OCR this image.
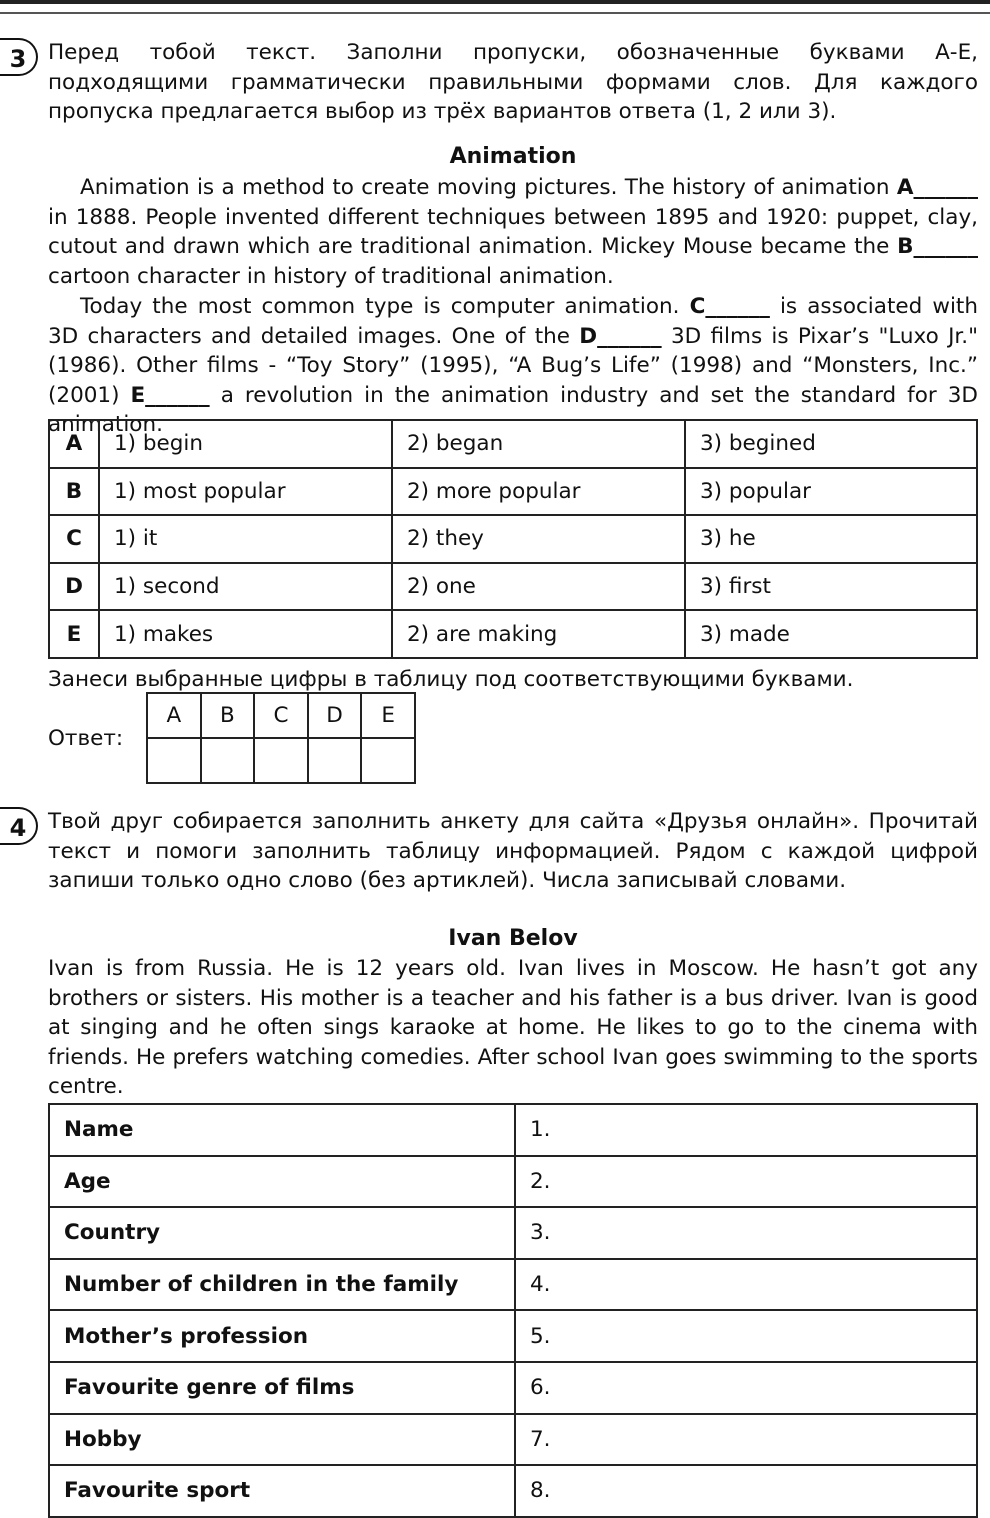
3	Перед тобой текст. Заполни пропуски, обозначенные буквами А-Е, подходящими грамматически правильными формами слов. Для каждого пропуска предлагается выбор из трёх вариантов ответа (1, 2 или 3).
Animation
Animation is a method to create moving pictures. The history of animation A______ in 1888. People invented different techniques between 1895 and 1920: puppet, clay, cutout and drawn which are traditional animation. Mickey Mouse became the B______ cartoon character in history of traditional animation.
Today the most common type is computer animation. C______ is associated with 3D characters and detailed images. One of the D______ 3D films is Pixar’s "Luxo Jr." (1986). Other films - “Toy Story” (1995), “A Bug’s Life” (1998) and “Monsters, Inc.” (2001) E______ a revolution in the animation industry and set the standard for 3D animation.
A	1) begin	2) began	3) begined
B	1) most popular	2) more popular	3) popular
C	1) it	2) they	3) he
D	1) second	2) one	3) first
E	1) makes	2) are making	3) made
Занеси выбранные цифры в таблицу под соответствующими буквами.
Ответ:
A	B	C	D	E

4	Твой друг собирается заполнить анкету для сайта «Друзья онлайн». Прочитай текст и помоги заполнить таблицу информацией. Рядом с каждой цифрой запиши только одно слово (без артиклей). Числа записывай словами.
Ivan Belov
Ivan is from Russia. He is 12 years old. Ivan lives in Moscow. He hasn’t got any brothers or sisters. His mother is a teacher and his father is a bus driver. Ivan is good at singing and he often sings karaoke at home. He likes to go to the cinema with friends. He prefers watching comedies. After school Ivan goes swimming to the sports centre.
Name	1.
Age	2.
Country	3.
Number of children in the family	4.
Mother’s profession	5.
Favourite genre of films	6.
Hobby	7.
Favourite sport	8.
